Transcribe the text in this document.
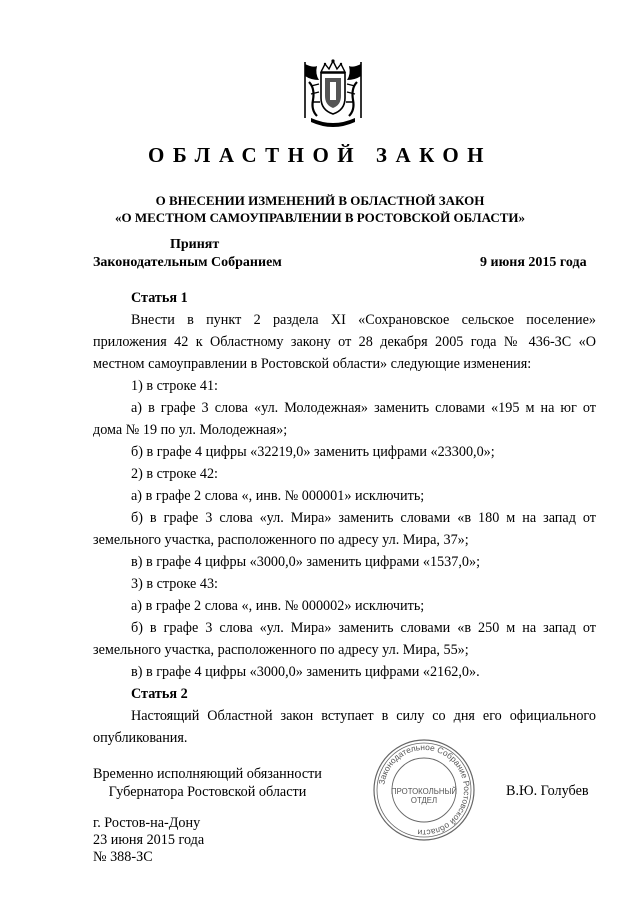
ОБЛАСТНОЙ ЗАКОН
О ВНЕСЕНИИ ИЗМЕНЕНИЙ В ОБЛАСТНОЙ ЗАКОН
«О МЕСТНОМ САМОУПРАВЛЕНИИ В РОСТОВСКОЙ ОБЛАСТИ»
Принят
Законодательным Собранием	9 июня 2015 года

Статья 1

Внести в пункт 2 раздела XI «Сохрановское сельское поселение» приложения 42 к Областному закону от 28 декабря 2005 года № 436-ЗС «О местном самоуправлении в Ростовской области» следующие изменения:

1) в строке 41:

а) в графе 3 слова «ул. Молодежная» заменить словами «195 м на юг от дома № 19 по ул. Молодежная»;

б) в графе 4 цифры «32219,0» заменить цифрами «23300,0»;

2) в строке 42:

а) в графе 2 слова «, инв. № 000001» исключить;

б) в графе 3 слова «ул. Мира» заменить словами «в 180 м на запад от земельного участка, расположенного по адресу ул. Мира, 37»;

в) в графе 4 цифры «3000,0» заменить цифрами «1537,0»;

3) в строке 43:

а) в графе 2 слова «, инв. № 000002» исключить;

б) в графе 3 слова «ул. Мира» заменить словами «в 250 м на запад от земельного участка, расположенного по адресу ул. Мира, 55»;

в) в графе 4 цифры «3000,0» заменить цифрами «2162,0».

Статья 2

Настоящий Областной закон вступает в силу со дня его официального опубликования.

Временно исполняющий обязанности
Губернатора Ростовской области
Законодательное Собрание Ростовской области
ПРОТОКОЛЬНЫЙ
ОТДЕЛ
В.Ю. Голубев
г. Ростов-на-Дону
23 июня 2015 года
№ 388-ЗС
